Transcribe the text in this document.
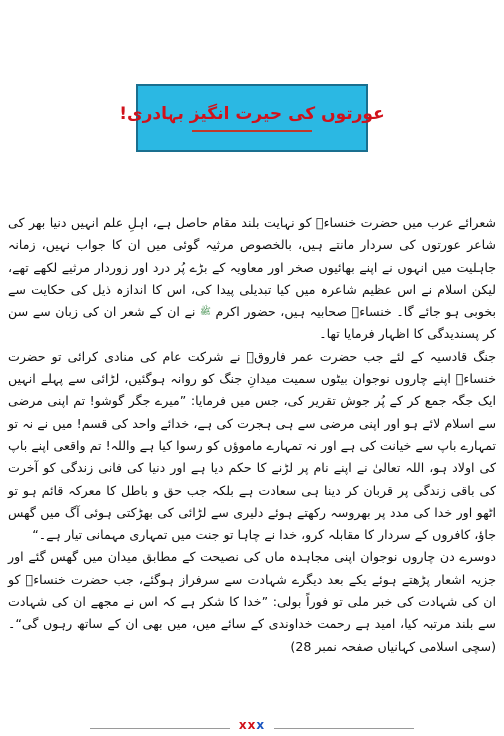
عورتوں کی حیرت انگیز بہادری!

شعرائے عرب میں حضرت خنساءؓ کو نہایت بلند مقام حاصل ہے، اہلِ علم انہیں دنیا بھر کی شاعر عورتوں کی سردار مانتے ہیں، بالخصوص مرثیہ گوئی میں ان کا جواب نہیں، زمانہ جاہلیت میں انہوں نے اپنے بھائیوں صخر اور معاویہ کے بڑے پُر درد اور زوردار مرثیے لکھے تھے، لیکن اسلام نے اس عظیم شاعرہ میں کیا تبدیلی پیدا کی، اس کا اندازہ ذیل کی حکایت سے بخوبی ہو جائے گا۔ خنساءؓ صحابیہ ہیں، حضور اکرم ﷺ نے ان کے شعر ان کی زبان سے سن کر پسندیدگی کا اظہار فرمایا تھا۔

جنگ قادسیہ کے لئے جب حضرت عمر فاروقؓ نے شرکت عام کی منادی کرائی تو حضرت خنساءؓ اپنے چاروں نوجوان بیٹوں سمیت میدانِ جنگ کو روانہ ہوگئیں، لڑائی سے پہلے انہیں ایک جگہ جمع کر کے پُر جوش تقریر کی، جس میں فرمایا: ”میرے جگر گوشو! تم اپنی مرضی سے اسلام لائے ہو اور اپنی مرضی سے ہی ہجرت کی ہے، خدائے واحد کی قسم! میں نے نہ تو تمہارے باپ سے خیانت کی ہے اور نہ تمہارے ماموؤں کو رسوا کیا ہے واللہ! تم واقعی اپنے باپ کی اولاد ہو، اللہ تعالیٰ نے اپنے نام پر لڑنے کا حکم دیا ہے اور دنیا کی فانی زندگی کو آخرت کی باقی زندگی پر قربان کر دینا ہی سعادت ہے بلکہ جب حق و باطل کا معرکہ قائم ہو تو اٹھو اور خدا کی مدد پر بھروسہ رکھتے ہوئے دلیری سے لڑائی کی بھڑکتی ہوئی آگ میں گھس جاؤ، کافروں کے سردار کا مقابلہ کرو، خدا نے چاہا تو جنت میں تمہاری مہمانی تیار ہے۔“

دوسرے دن چاروں نوجوان اپنی مجاہدہ ماں کی نصیحت کے مطابق میدان میں گھس گئے اور جزیہ اشعار پڑھتے ہوئے یکے بعد دیگرے شہادت سے سرفراز ہوگئے، جب حضرت خنساءؓ کو ان کی شہادت کی خبر ملی تو فوراً بولی: ”خدا کا شکر ہے کہ اس نے مجھے ان کی شہادت سے بلند مرتبہ کیا، امید ہے رحمت خداوندی کے سائے میں، میں بھی ان کے ساتھ رہوں گی“۔ (سچی اسلامی کہانیاں صفحہ نمبر 28)

xxx
